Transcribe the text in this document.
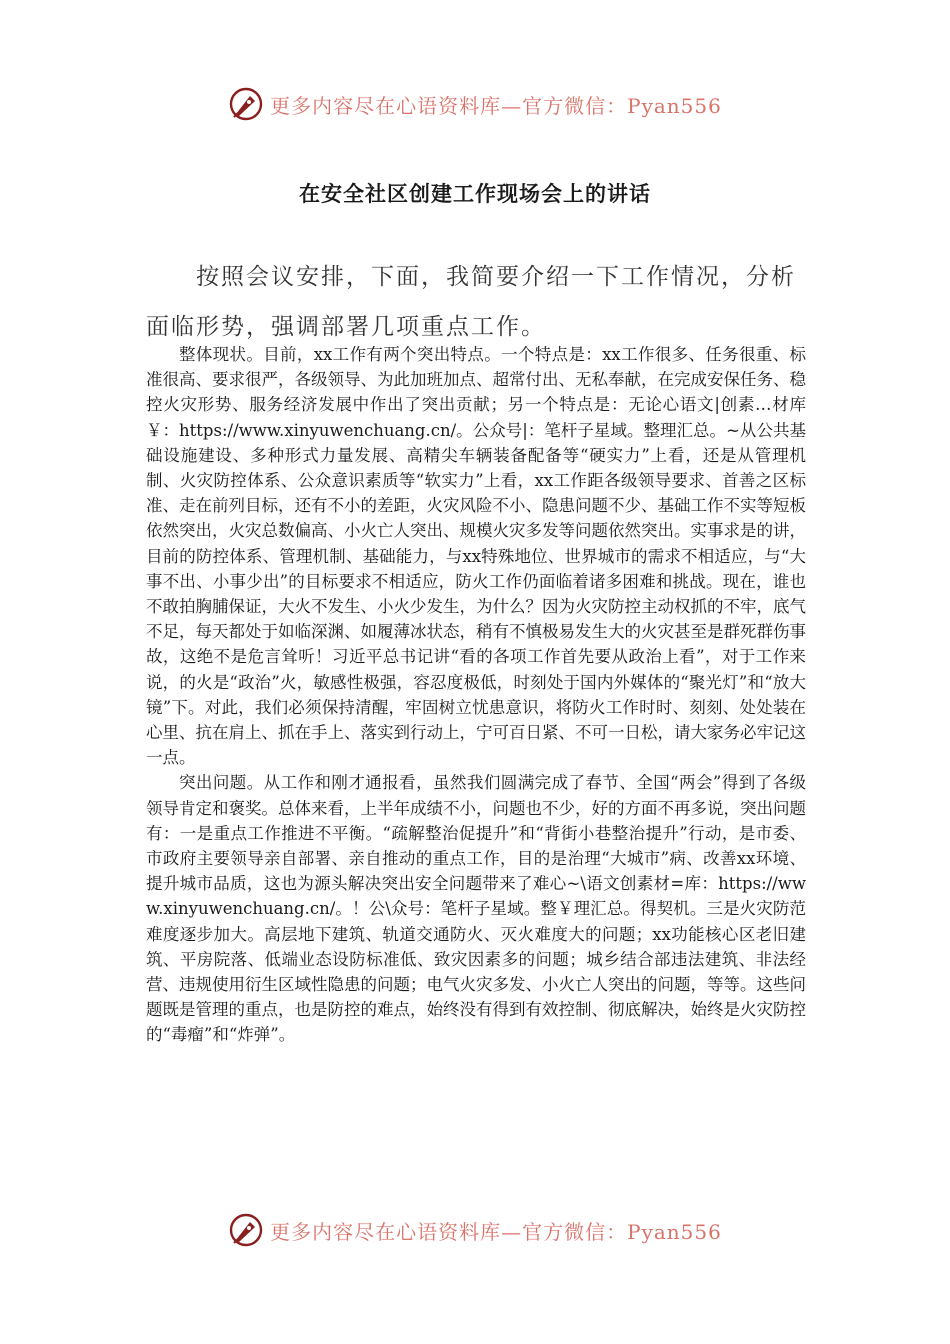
更多内容尽在心语资料库—官方微信：Pyan556
在安全社区创建工作现场会上的讲话

按照会议安排，下面，我简要介绍一下工作情况，分析面临形势，强调部署几项重点工作。

整体现状。目前，xx工作有两个突出特点。一个特点是：xx工作很多、任务很重、标准很高、要求很严，各级领导、为此加班加点、超常付出、无私奉献，在完成安保任务、稳控火灾形势、服务经济发展中作出了突出贡献；另一个特点是：无论心语文|创素…材库￥：https://www.xinyuwenchuang.cn/。公众号|：笔杆子星域。整理汇总。~从公共基础设施建设、多种形式力量发展、高精尖车辆装备配备等“硬实力”上看，还是从管理机制、火灾防控体系、公众意识素质等“软实力”上看，xx工作距各级领导要求、首善之区标准、走在前列目标，还有不小的差距，火灾风险不小、隐患问题不少、基础工作不实等短板依然突出，火灾总数偏高、小火亡人突出、规模火灾多发等问题依然突出。实事求是的讲，目前的防控体系、管理机制、基础能力，与xx特殊地位、世界城市的需求不相适应，与“大事不出、小事少出”的目标要求不相适应，防火工作仍面临着诸多困难和挑战。现在，谁也不敢拍胸脯保证，大火不发生、小火少发生，为什么？因为火灾防控主动权抓的不牢，底气不足，每天都处于如临深渊、如履薄冰状态，稍有不慎极易发生大的火灾甚至是群死群伤事故，这绝不是危言耸听！习近平总书记讲“看的各项工作首先要从政治上看”，对于工作来说，的火是“政治”火，敏感性极强，容忍度极低，时刻处于国内外媒体的“聚光灯”和“放大镜”下。对此，我们必须保持清醒，牢固树立忧患意识，将防火工作时时、刻刻、处处装在心里、抗在肩上、抓在手上、落实到行动上，宁可百日紧、不可一日松，请大家务必牢记这一点。

突出问题。从工作和刚才通报看，虽然我们圆满完成了春节、全国“两会”得到了各级领导肯定和褒奖。总体来看，上半年成绩不小，问题也不少，好的方面不再多说，突出问题有：一是重点工作推进不平衡。“疏解整治促提升”和“背街小巷整治提升”行动，是市委、市政府主要领导亲自部署、亲自推动的重点工作，目的是治理“大城市”病、改善xx环境、提升城市品质，这也为源头解决突出安全问题带来了难心~\语文创素材=库：https://www.xinyuwenchuang.cn/。！公\众号：笔杆子星域。整￥理汇总。得契机。三是火灾防范难度逐步加大。高层地下建筑、轨道交通防火、灭火难度大的问题；xx功能核心区老旧建筑、平房院落、低端业态设防标准低、致灾因素多的问题；城乡结合部违法建筑、非法经营、违规使用衍生区域性隐患的问题；电气火灾多发、小火亡人突出的问题，等等。这些问题既是管理的重点，也是防控的难点，始终没有得到有效控制、彻底解决，始终是火灾防控的“毒瘤”和“炸弹”。

更多内容尽在心语资料库—官方微信：Pyan556
